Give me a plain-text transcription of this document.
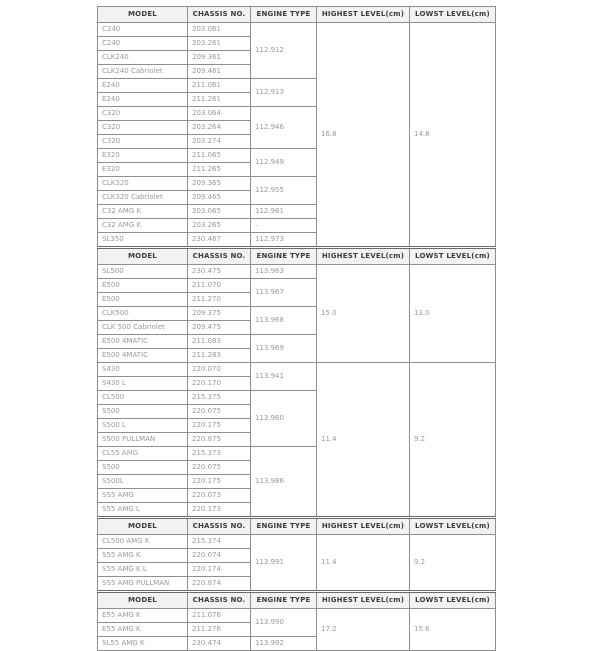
MODEL	CHASSIS NO.	ENGINE TYPE	HIGHEST LEVEL(cm)	LOWST LEVEL(cm)
C240	203.061	112.912	16.8	14.8
C240	203.261			
CLK240	209.361			
CLK240 Cabriolet	209.461			
E240	211.061	112.913		
E240	211.261			
C320	203.064	112.946		
C320	203.264			
C320	203.274			
E320	211.065	112.949		
E320	211.265			
CLK320	209.365	112.955		
CLK320 Cabriolet	209.465			
C32 AMG K	203.065	112.961		
C32 AMG K	203.265	–		
SL350	230.467	112.973		
MODEL	CHASSIS NO.	ENGINE TYPE	HIGHEST LEVEL(cm)	LOWST LEVEL(cm)
SL500	230.475	113.963	15.0	13.0
E500	211.070	113.967		
E500	211.270			
CLK500	209.375	113.968		
CLK 500 Cabriolet	209.475			
E500 4MATIC	211.083	113.969		
E500 4MATIC	211.283			
S430	220.070	113.941	11.4	9.2
S430 L	220.170			
CL500	215.375	113.960		
S500	220.075			
S500 L	220.175			
S500 PULLMAN	220.875			
CL55 AMG	215.373	113.986		
S500	220.075			
S500L	220.175			
S55 AMG	220.073			
S55 AMG L	220.173			
MODEL	CHASSIS NO.	ENGINE TYPE	HIGHEST LEVEL(cm)	LOWST LEVEL(cm)
CL500 AMG K	215.374	113.991	11.4	9.2
S55 AMG K	220.074			
S55 AMG K L	220.174			
S55 AMG PULLMAN	220.874			
MODEL	CHASSIS NO.	ENGINE TYPE	HIGHEST LEVEL(cm)	LOWST LEVEL(cm)
E55 AMG K	211.076	113.990	17.2	15.6
E55 AMG K	211.276			
SL55 AMG K	230.474	113.992		
